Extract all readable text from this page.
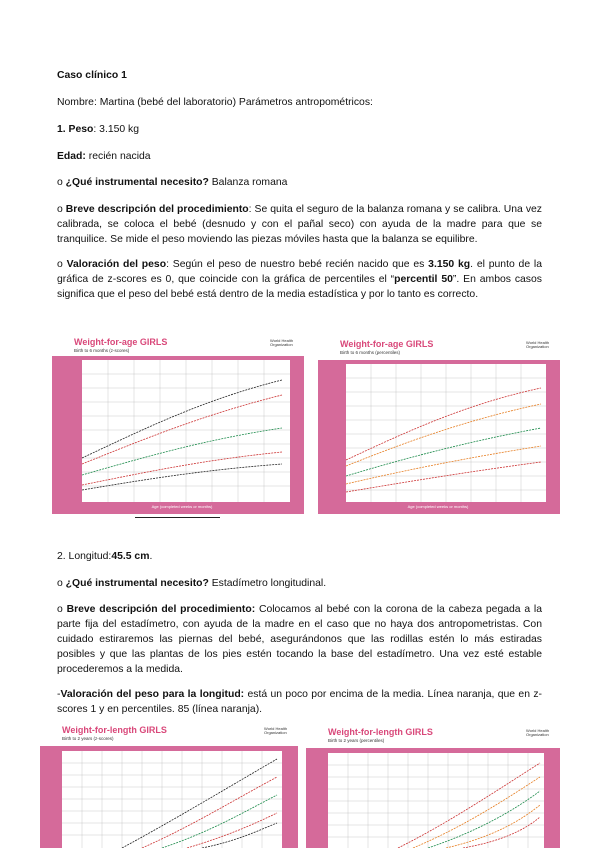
Caso clínico 1

Nombre: Martina (bebé del laboratorio) Parámetros antropométricos:

1. Peso: 3.150 kg

Edad: recién nacida

o ¿Qué instrumental necesito? Balanza romana

o Breve descripción del procedimiento: Se quita el seguro de la balanza romana y se calibra. Una vez calibrada, se coloca el bebé (desnudo y con el pañal seco) con ayuda de la madre para que se tranquilice. Se mide el peso moviendo las piezas móviles hasta que la balanza se equilibre.

o Valoración del peso: Según el peso de nuestro bebé recién nacido que es 3.150 kg. el punto de la gráfica de z-scores es 0, que coincide con la gráfica de percentiles el “percentil 50”. En ambos casos significa que el peso del bebé está dentro de la media estadística y por lo tanto es correcto.

Weight-for-age GIRLS
Birth to 6 months (z-scores)
World Health Organization
Age (completed weeks or months)
Weight-for-age GIRLS
Birth to 6 months (percentiles)
World Health Organization
Age (completed weeks or months)

2. Longitud:45.5 cm.

o ¿Qué instrumental necesito? Estadímetro longitudinal.

o Breve descripción del procedimiento: Colocamos al bebé con la corona de la cabeza pegada a la parte fija del estadímetro, con ayuda de la madre en el caso que no haya dos antropometristas. Con cuidado estiraremos las piernas del bebé, asegurándonos que las rodillas estén lo más estiradas posibles y que las plantas de los pies estén tocando la base del estadímetro. Una vez esté estable procederemos a la medida.

-Valoración del peso para la longitud: está un poco por encima de la media. Línea naranja, que en z-scores 1 y en percentiles. 85 (línea naranja).

Weight-for-length GIRLS
Birth to 2 years (z-scores)
World Health Organization	Weight-for-length GIRLS
Birth to 2 years (percentiles)
World Health Organization
